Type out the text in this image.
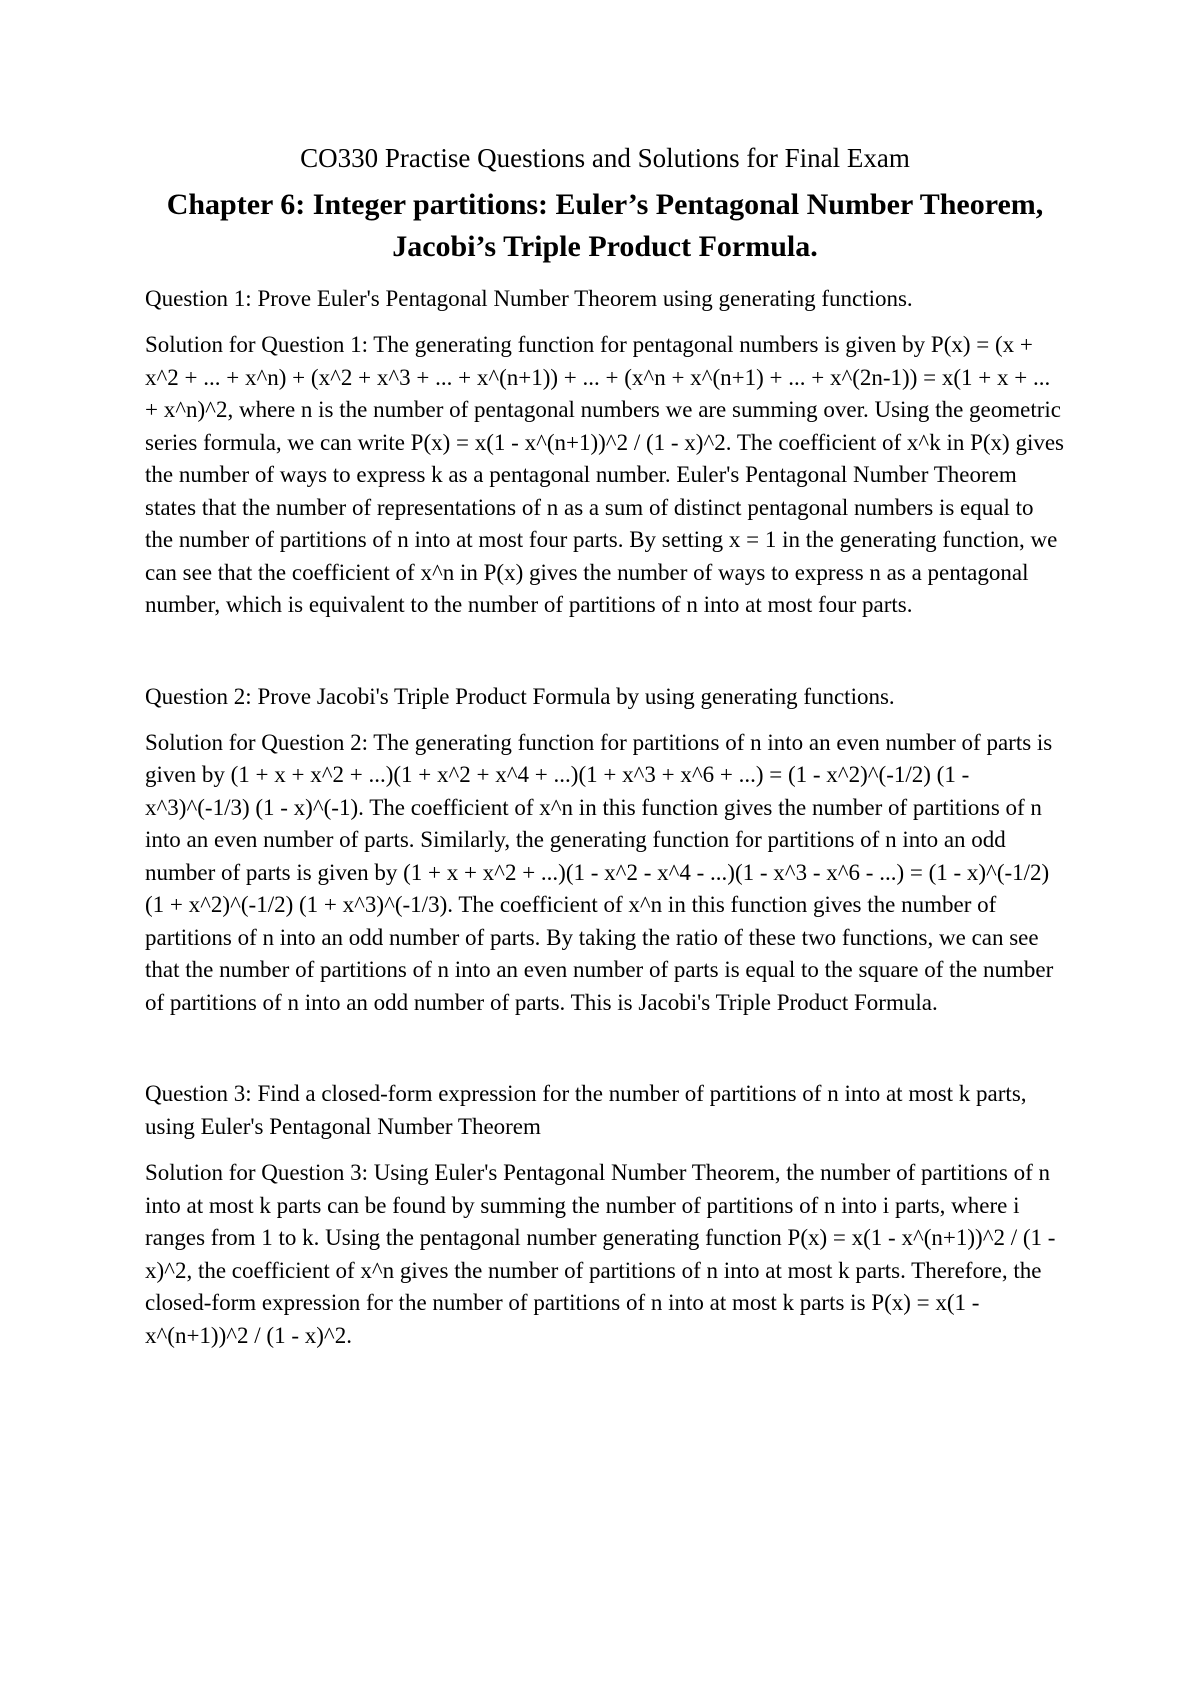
CO330 Practise Questions and Solutions for Final Exam
Chapter 6: Integer partitions: Euler’s Pentagonal Number Theorem, Jacobi’s Triple Product Formula.

Question 1: Prove Euler's Pentagonal Number Theorem using generating functions.

Solution for Question 1: The generating function for pentagonal numbers is given by P(x) = (x + x^2 + ... + x^n) + (x^2 + x^3 + ... + x^(n+1)) + ... + (x^n + x^(n+1) + ... + x^(2n-1)) = x(1 + x + ... + x^n)^2, where n is the number of pentagonal numbers we are summing over. Using the geometric series formula, we can write P(x) = x(1 - x^(n+1))^2 / (1 - x)^2. The coefficient of x^k in P(x) gives the number of ways to express k as a pentagonal number. Euler's Pentagonal Number Theorem states that the number of representations of n as a sum of distinct pentagonal numbers is equal to the number of partitions of n into at most four parts. By setting x = 1 in the generating function, we can see that the coefficient of x^n in P(x) gives the number of ways to express n as a pentagonal number, which is equivalent to the number of partitions of n into at most four parts.

Question 2: Prove Jacobi's Triple Product Formula by using generating functions.

Solution for Question 2: The generating function for partitions of n into an even number of parts is given by (1 + x + x^2 + ...)(1 + x^2 + x^4 + ...)(1 + x^3 + x^6 + ...) = (1 - x^2)^(-1/2) (1 - x^3)^(-1/3) (1 - x)^(-1). The coefficient of x^n in this function gives the number of partitions of n into an even number of parts. Similarly, the generating function for partitions of n into an odd number of parts is given by (1 + x + x^2 + ...)(1 - x^2 - x^4 - ...)(1 - x^3 - x^6 - ...) = (1 - x)^(-1/2) (1 + x^2)^(-1/2) (1 + x^3)^(-1/3). The coefficient of x^n in this function gives the number of partitions of n into an odd number of parts. By taking the ratio of these two functions, we can see that the number of partitions of n into an even number of parts is equal to the square of the number of partitions of n into an odd number of parts. This is Jacobi's Triple Product Formula.

Question 3: Find a closed-form expression for the number of partitions of n into at most k parts, using Euler's Pentagonal Number Theorem

Solution for Question 3: Using Euler's Pentagonal Number Theorem, the number of partitions of n into at most k parts can be found by summing the number of partitions of n into i parts, where i ranges from 1 to k. Using the pentagonal number generating function P(x) = x(1 - x^(n+1))^2 / (1 - x)^2, the coefficient of x^n gives the number of partitions of n into at most k parts. Therefore, the closed-form expression for the number of partitions of n into at most k parts is P(x) = x(1 - x^(n+1))^2 / (1 - x)^2.
